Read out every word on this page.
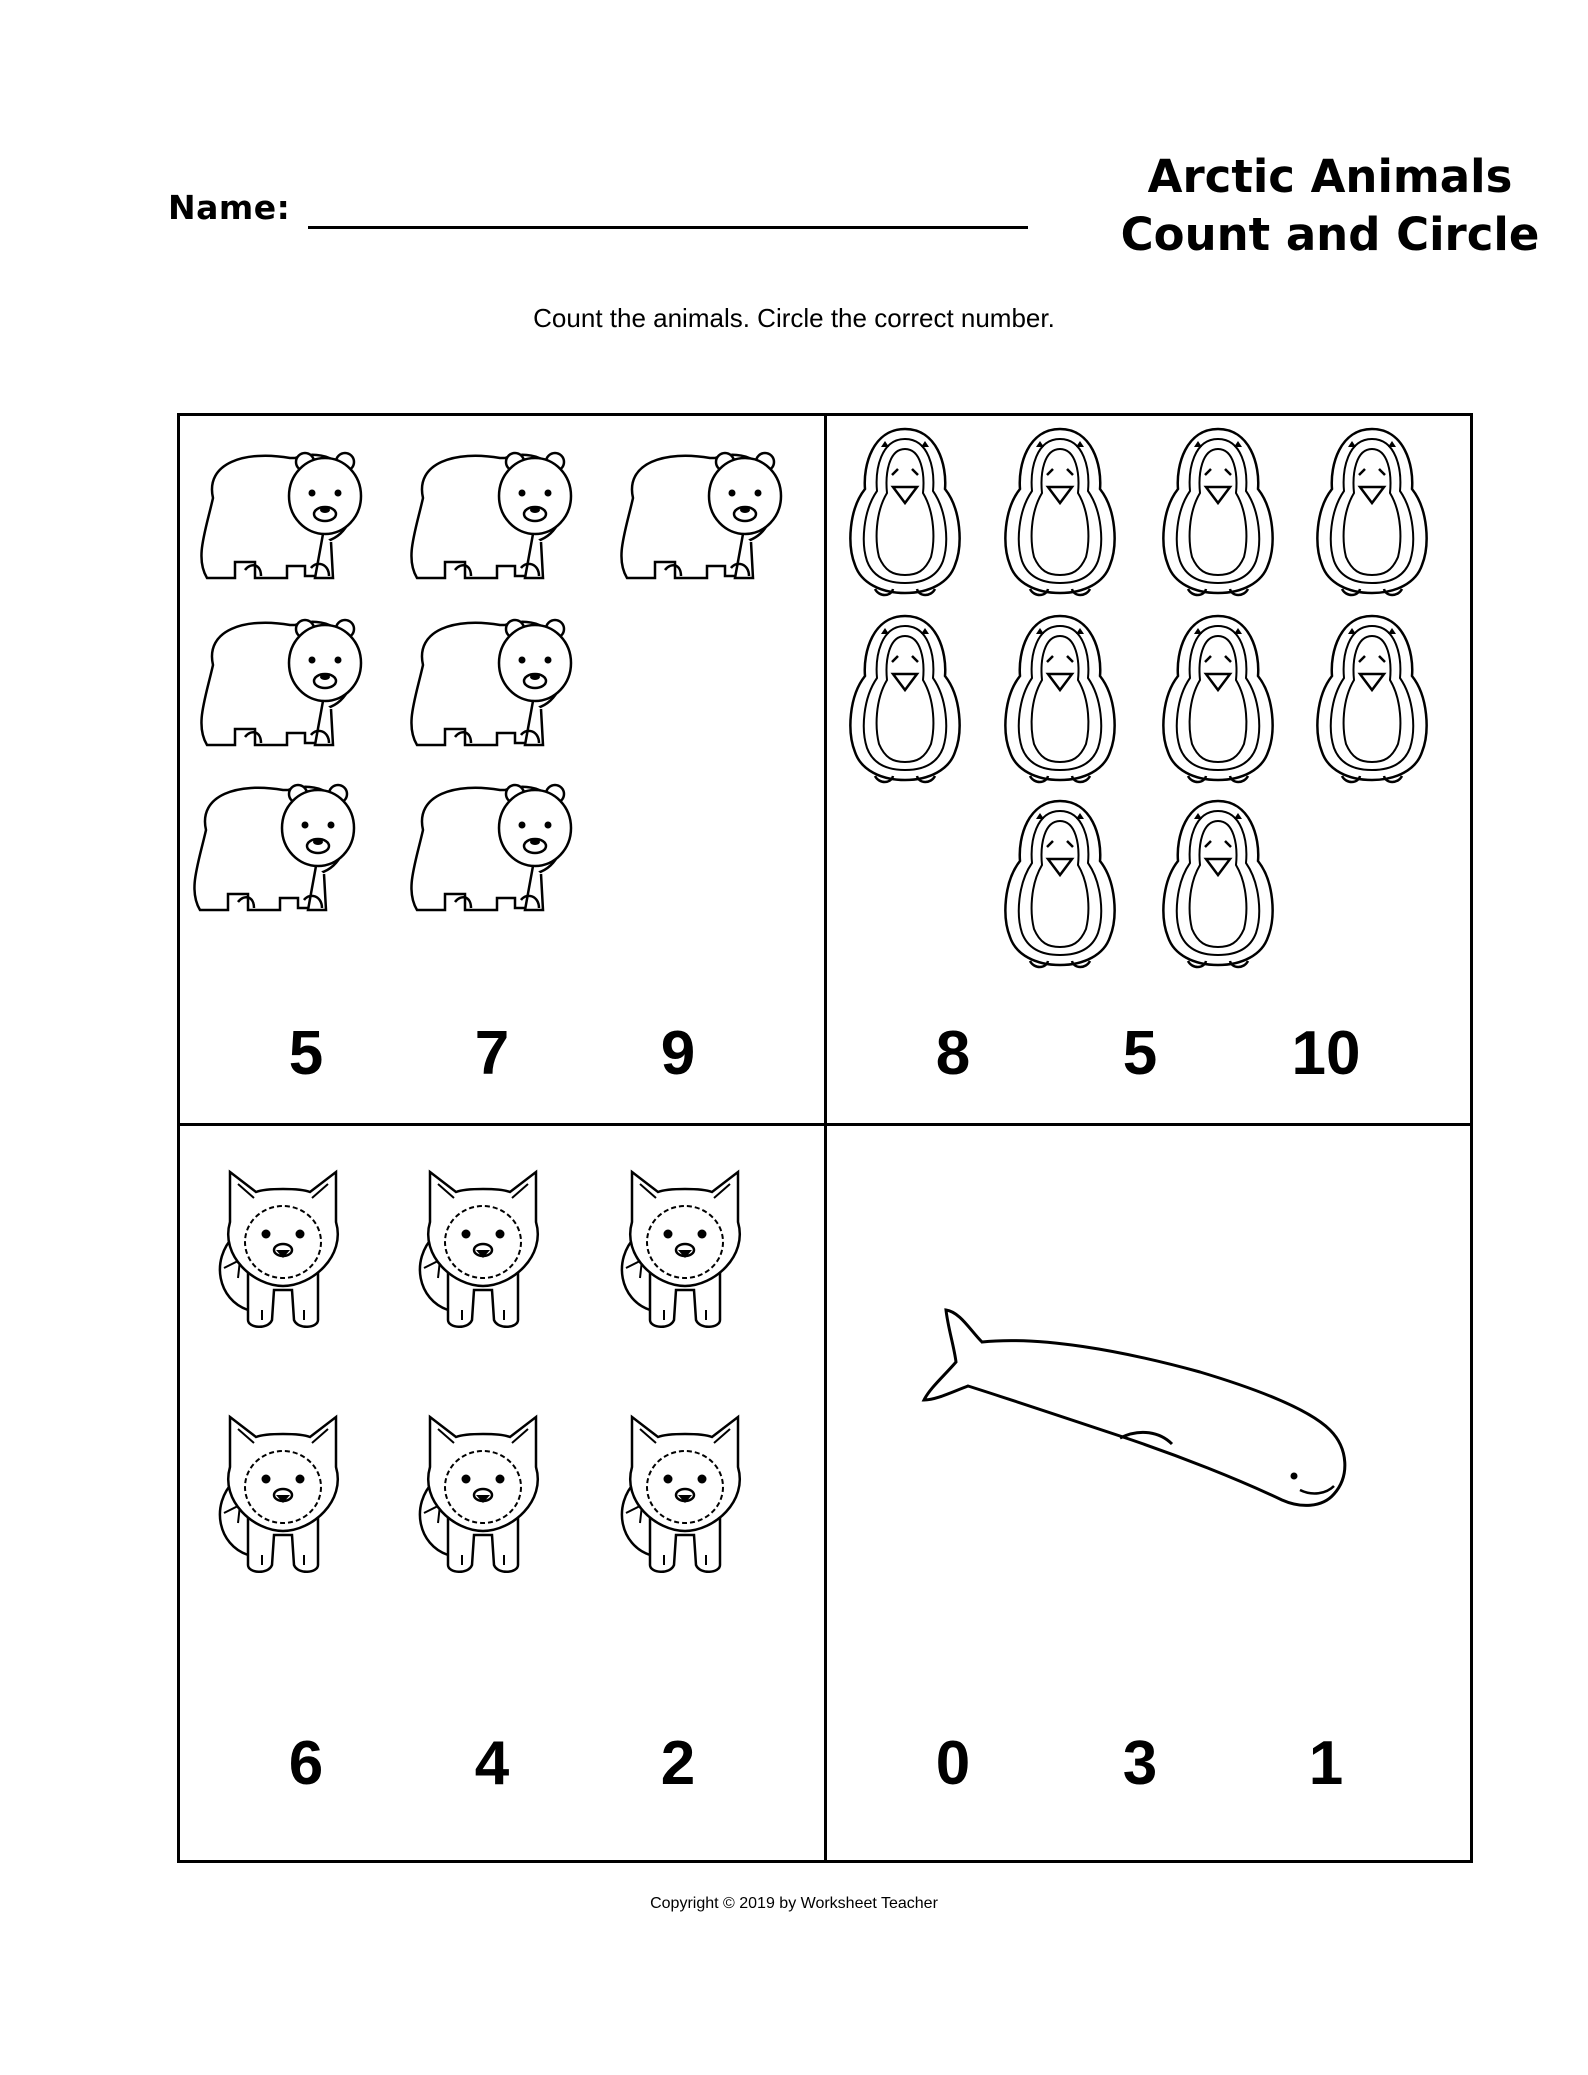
Name:
Arctic Animals
Count and Circle
Count the animals. Circle the correct number.
5	7	9	8	5	10
6	4	2	0	3	1
Copyright © 2019 by Worksheet Teacher
